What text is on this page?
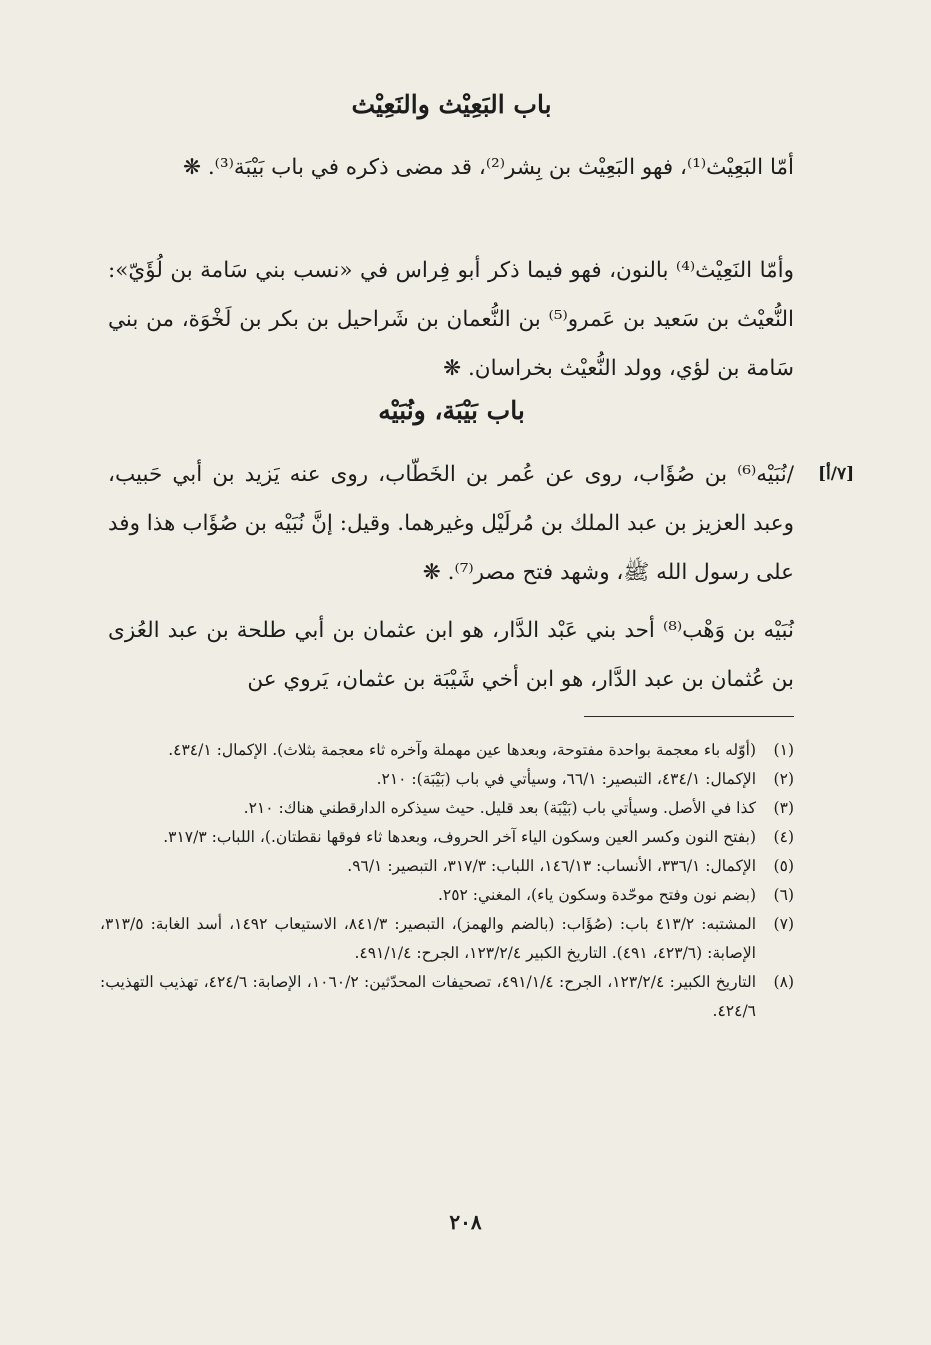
باب البَعِيْث والنَعِيْث

أمّا البَعِيْث⁽¹⁾، فهو البَعِيْث بن بِشر⁽²⁾، قد مضى ذكره في باب بَيْبَة⁽³⁾. ❋

وأمّا النَعِيْث⁽⁴⁾ بالنون، فهو فيما ذكر أبو فِراس في «نسب بني سَامة بن لُؤَيّ»: النُّعيْث بن سَعيد بن عَمرو⁽⁵⁾ بن النُّعمان بن شَراحيل بن بكر بن لَخْوَة، من بني سَامة بن لؤي، وولد النُّعيْث بخراسان. ❋

باب بَيْبَة، ونُبَيْه
[٧/أ]

/نُبَيْه⁽⁶⁾ بن صُؤَاب، روى عن عُمر بن الخَطّاب، روى عنه يَزيد بن أبي حَبيب، وعبد العزيز بن عبد الملك بن مُرلَيْل وغيرهما. وقيل: إنَّ نُبَيْه بن صُؤَاب هذا وفد على رسول الله ﷺ، وشهد فتح مصر⁽⁷⁾. ❋

نُبَيْه بن وَهْب⁽⁸⁾ أحد بني عَبْد الدَّار، هو ابن عثمان بن أبي طلحة بن عبد العُزى بن عُثمان بن عبد الدَّار، هو ابن أخي شَيْبَة بن عثمان، يَروي عن

(١)
(أوّله باء معجمة بواحدة مفتوحة، وبعدها عين مهملة وآخره ثاء معجمة بثلاث). الإكمال: ٤٣٤/١.
(٢)
الإكمال: ٤٣٤/١، التبصير: ٦٦/١، وسيأتي في باب (بَيْبَة): ٢١٠.
(٣)
كذا في الأصل. وسيأتي باب (بَيْبَة) بعد قليل. حيث سيذكره الدارقطني هناك: ٢١٠.
(٤)
(بفتح النون وكسر العين وسكون الياء آخر الحروف، وبعدها ثاء فوقها نقطتان.)، اللباب: ٣١٧/٣.
(٥)
الإكمال: ٣٣٦/١، الأنساب: ١٤٦/١٣، اللباب: ٣١٧/٣، التبصير: ٩٦/١.
(٦)
(بضم نون وفتح موحّدة وسكون ياء)، المغني: ٢٥٢.
(٧)
المشتبه: ٤١٣/٢ باب: (صُؤَاب: (بالضم والهمز)، التبصير: ٨٤١/٣، الاستيعاب ١٤٩٢، أسد الغابة: ٣١٣/٥، الإصابة: (٤٢٣/٦، ٤٩١). التاريخ الكبير ١٢٣/٢/٤، الجرح: ٤٩١/١/٤.
(٨)
التاريخ الكبير: ١٢٣/٢/٤، الجرح: ٤٩١/١/٤، تصحيفات المحدّثين: ١٠٦٠/٢، الإصابة: ٤٢٤/٦، تهذيب التهذيب: ٤٢٤/٦.
٢٠٨
